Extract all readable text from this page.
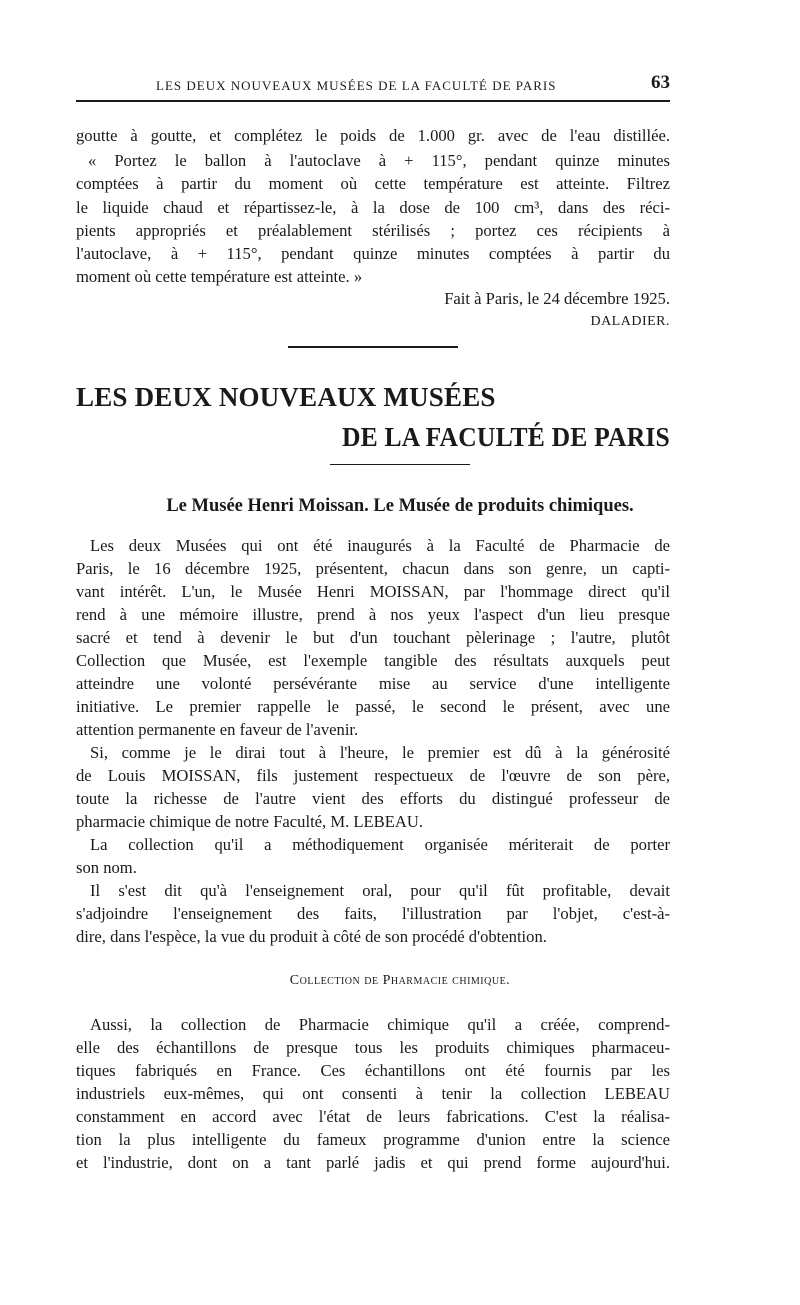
LES DEUX NOUVEAUX MUSÉES DE LA FACULTÉ DE PARIS	63
goutte à goutte, et complétez le poids de 1.000 gr. avec de l'eau distillée.
« Portez le ballon à l'autoclave à + 115°, pendant quinze minutes
comptées à partir du moment où cette température est atteinte. Filtrez
le liquide chaud et répartissez-le, à la dose de 100 cm³, dans des réci-
pients appropriés et préalablement stérilisés ; portez ces récipients à
l'autoclave, à + 115°, pendant quinze minutes comptées à partir du
moment où cette température est atteinte. »
Fait à Paris, le 24 décembre 1925.
DALADIER.
LES DEUX NOUVEAUX MUSÉES
DE LA FACULTÉ DE PARIS
Le Musée Henri Moissan. Le Musée de produits chimiques.
Les deux Musées qui ont été inaugurés à la Faculté de Pharmacie de
Paris, le 16 décembre 1925, présentent, chacun dans son genre, un capti-
vant intérêt. L'un, le Musée Henri MOISSAN, par l'hommage direct qu'il
rend à une mémoire illustre, prend à nos yeux l'aspect d'un lieu presque
sacré et tend à devenir le but d'un touchant pèlerinage ; l'autre, plutôt
Collection que Musée, est l'exemple tangible des résultats auxquels peut
atteindre une volonté persévérante mise au service d'une intelligente
initiative. Le premier rappelle le passé, le second le présent, avec une
attention permanente en faveur de l'avenir.
Si, comme je le dirai tout à l'heure, le premier est dû à la générosité
de Louis MOISSAN, fils justement respectueux de l'œuvre de son père,
toute la richesse de l'autre vient des efforts du distingué professeur de
pharmacie chimique de notre Faculté, M. LEBEAU.
La collection qu'il a méthodiquement organisée mériterait de porter
son nom.
Il s'est dit qu'à l'enseignement oral, pour qu'il fût profitable, devait
s'adjoindre l'enseignement des faits, l'illustration par l'objet, c'est-à-
dire, dans l'espèce, la vue du produit à côté de son procédé d'obtention.
Collection de Pharmacie chimique.
Aussi, la collection de Pharmacie chimique qu'il a créée, comprend-
elle des échantillons de presque tous les produits chimiques pharmaceu-
tiques fabriqués en France. Ces échantillons ont été fournis par les
industriels eux-mêmes, qui ont consenti à tenir la collection LEBEAU
constamment en accord avec l'état de leurs fabrications. C'est la réalisa-
tion la plus intelligente du fameux programme d'union entre la science
et l'industrie, dont on a tant parlé jadis et qui prend forme aujourd'hui.
